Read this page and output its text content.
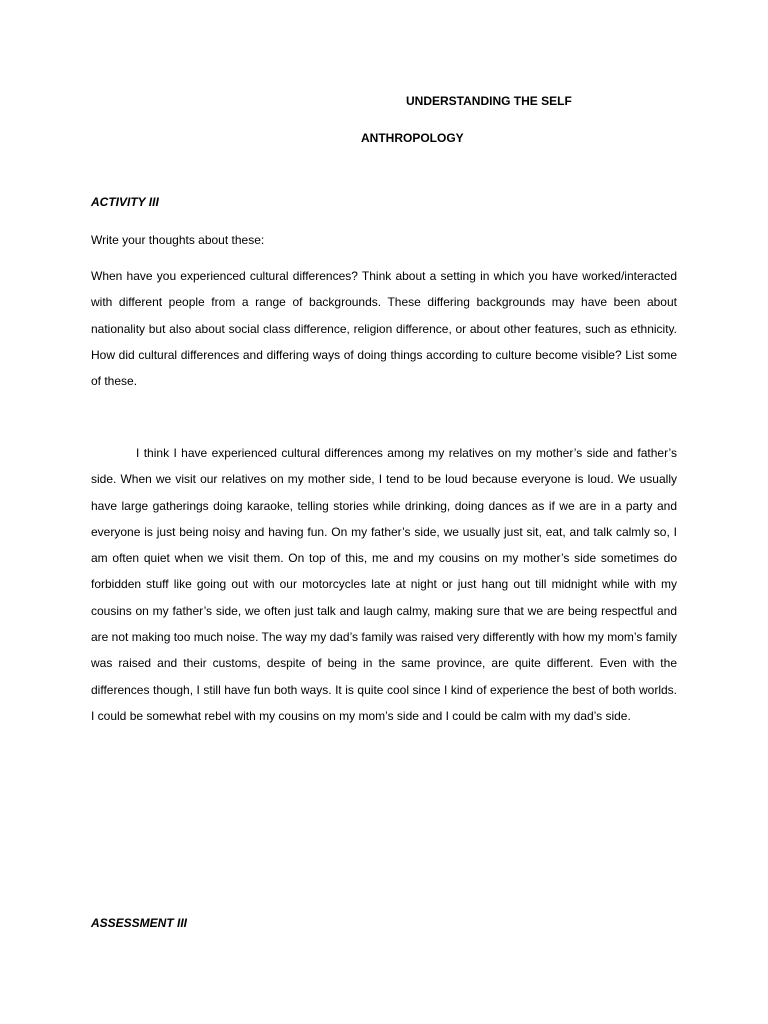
UNDERSTANDING THE SELF
ANTHROPOLOGY
ACTIVITY III
Write your thoughts about these:
When have you experienced cultural differences? Think about a setting in which you have worked/interacted with different people from a range of backgrounds. These differing backgrounds may have been about nationality but also about social class difference, religion difference, or about other features, such as ethnicity. How did cultural differences and differing ways of doing things according to culture become visible? List some of these.
I think I have experienced cultural differences among my relatives on my mother’s side and father’s side. When we visit our relatives on my mother side, I tend to be loud because everyone is loud. We usually have large gatherings doing karaoke, telling stories while drinking, doing dances as if we are in a party and everyone is just being noisy and having fun. On my father’s side, we usually just sit, eat, and talk calmly so, I am often quiet when we visit them. On top of this, me and my cousins on my mother’s side sometimes do forbidden stuff like going out with our motorcycles late at night or just hang out till midnight while with my cousins on my father’s side, we often just talk and laugh calmy, making sure that we are being respectful and are not making too much noise. The way my dad’s family was raised very differently with how my mom’s family was raised and their customs, despite of being in the same province, are quite different. Even with the differences though, I still have fun both ways. It is quite cool since I kind of experience the best of both worlds. I could be somewhat rebel with my cousins on my mom’s side and I could be calm with my dad’s side.
ASSESSMENT III
